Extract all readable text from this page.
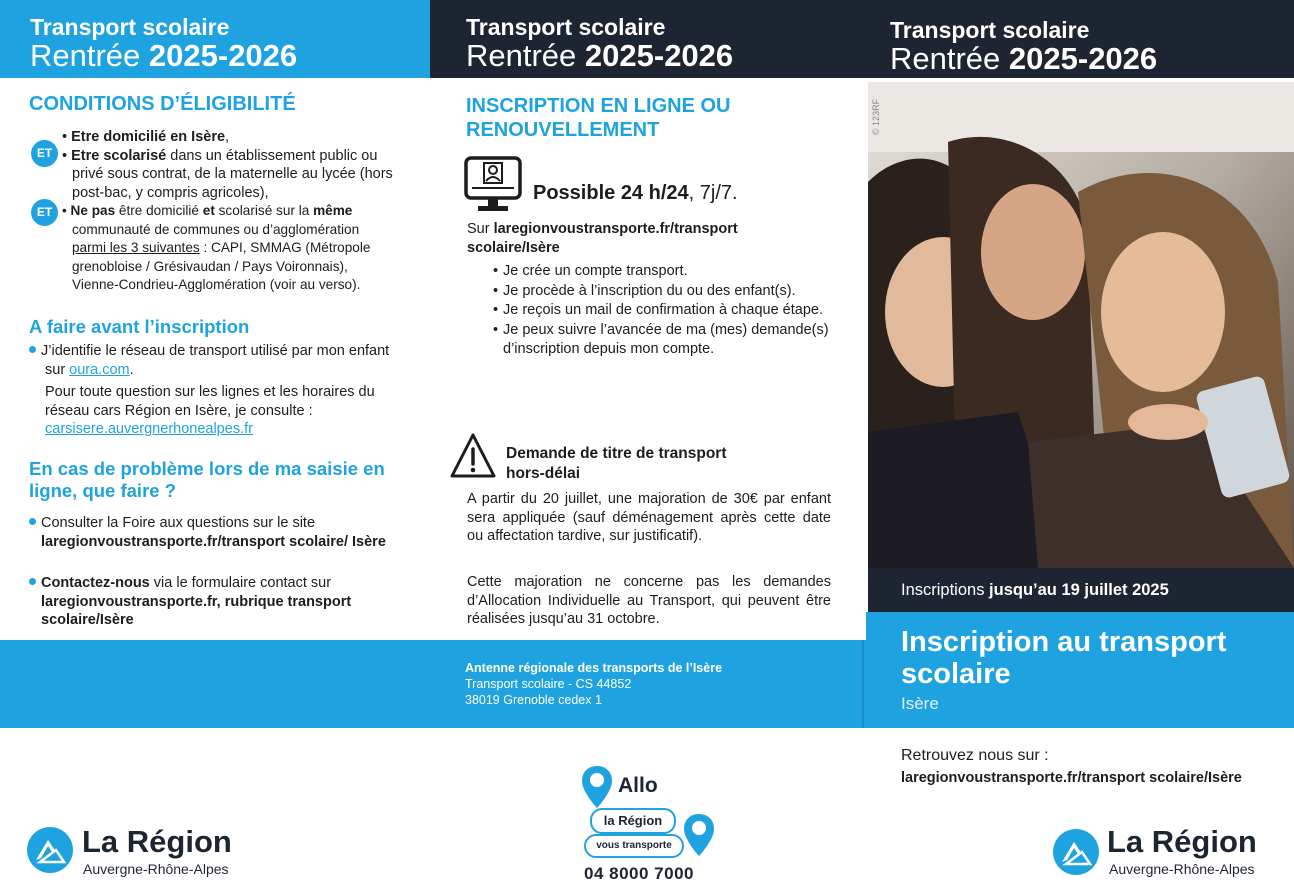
Transport scolaire
Rentrée 2025-2026
Transport scolaire
Rentrée 2025-2026
Transport scolaire
Rentrée 2025-2026
CONDITIONS D’ÉLIGIBILITÉ
ET
ET
• Etre domicilié en Isère,
• Etre scolarisé dans un établissement public ou privé sous contrat, de la maternelle au lycée (hors post-bac, y compris agricoles),
• Ne pas être domicilié et scolarisé sur la même communauté de communes ou d’agglomération parmi les 3 suivantes : CAPI, SMMAG (Métropole grenobloise / Grésivaudan / Pays Voironnais), Vienne-Condrieu-Agglomération (voir au verso).
A faire avant l’inscription
J’identifie le réseau de transport utilisé par mon enfant sur oura.com.
Pour toute question sur les lignes et les horaires du réseau cars Région en Isère, je consulte :
carsisere.auvergnerhonealpes.fr
En cas de problème lors de ma saisie en ligne, que faire ?
Consulter la Foire aux questions sur le site laregionvoustransporte.fr/transport scolaire/ Isère
Contactez-nous via le formulaire contact sur laregionvoustransporte.fr, rubrique transport scolaire/Isère
INSCRIPTION EN LIGNE OU RENOUVELLEMENT
Possible 24 h/24, 7j/7.
Sur laregionvoustransporte.fr/transport scolaire/Isère
• Je crée un compte transport.
• Je procède à l’inscription du ou des enfant(s).
• Je reçois un mail de confirmation à chaque étape.
• Je peux suivre l’avancée de ma (mes) demande(s) d’inscription depuis mon compte.
Demande de titre de transport hors-délai
A partir du 20 juillet, une majoration de 30€ par enfant sera appliquée (sauf déménagement après cette date ou affectation tardive, sur justificatif).
Cette majoration ne concerne pas les demandes d’Allocation Individuelle au Transport, qui peuvent être réalisées jusqu’au 31 octobre.
Antenne régionale des transports de l’Isère
Transport scolaire - CS 44852
38019 Grenoble cedex 1
Allo
la Région
vous transporte
04 8000 7000
© 123RF
Inscriptions jusqu’au 19 juillet 2025
Inscription au transport scolaire
Isère
Retrouvez nous sur :
laregionvoustransporte.fr/transport scolaire/Isère
La Région
Auvergne-Rhône-Alpes
La Région
Auvergne-Rhône-Alpes
